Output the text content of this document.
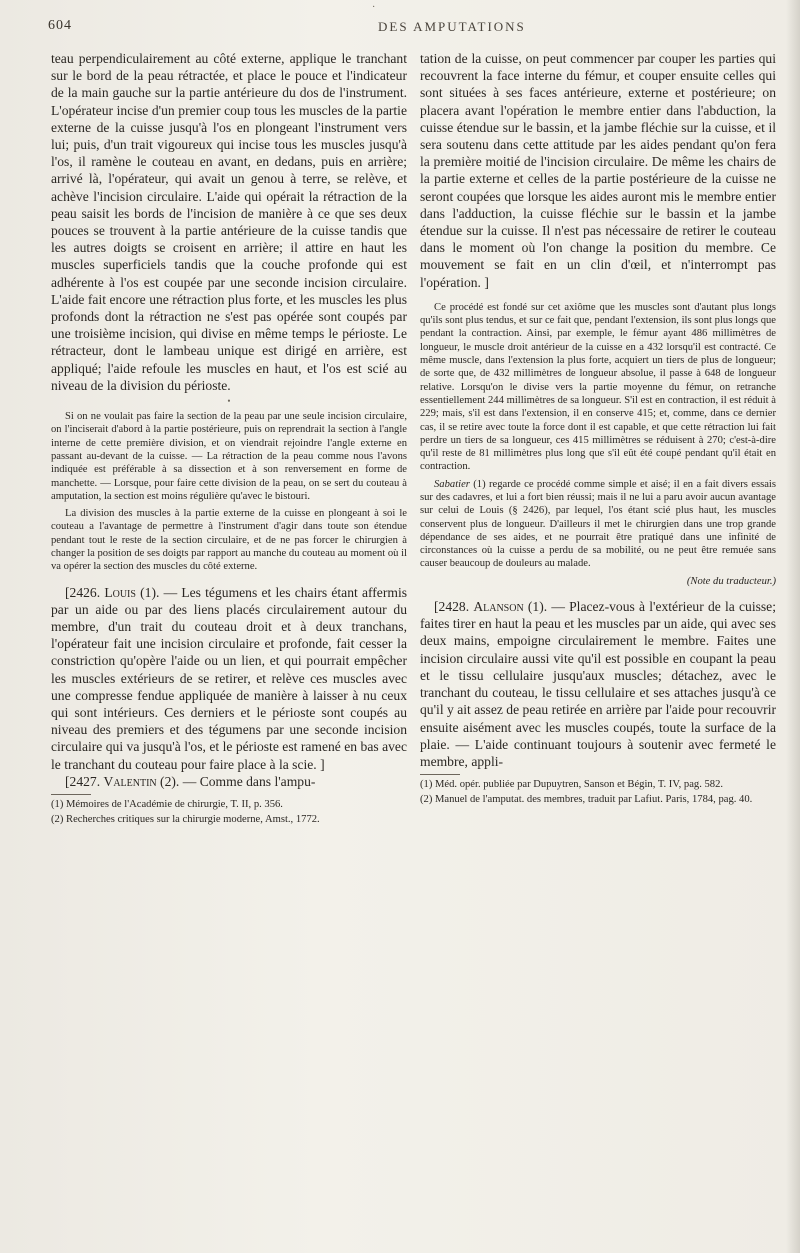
·
604	DES AMPUTATIONS

teau perpendiculairement au côté externe, applique le tranchant sur le bord de la peau rétractée, et place le pouce et l'indicateur de la main gauche sur la partie antérieure du dos de l'instrument. L'opérateur incise d'un premier coup tous les muscles de la partie externe de la cuisse jusqu'à l'os en plongeant l'instrument vers lui; puis, d'un trait vigoureux qui incise tous les muscles jusqu'à l'os, il ramène le couteau en avant, en dedans, puis en arrière; arrivé là, l'opérateur, qui avait un genou à terre, se relève, et achève l'incision circulaire. L'aide qui opérait la rétraction de la peau saisit les bords de l'incision de manière à ce que ses deux pouces se trouvent à la partie antérieure de la cuisse tandis que les autres doigts se croisent en arrière; il attire en haut les muscles superficiels tandis que la couche profonde qui est adhérente à l'os est coupée par une seconde incision circulaire. L'aide fait encore une rétraction plus forte, et les muscles les plus profonds dont la rétraction ne s'est pas opérée sont coupés par une troisième incision, qui divise en même temps le périoste. Le rétracteur, dont le lambeau unique est dirigé en arrière, est appliqué; l'aide refoule les muscles en haut, et l'os est scié au niveau de la division du périoste.

•

Si on ne voulait pas faire la section de la peau par une seule incision circulaire, on l'inciserait d'abord à la partie postérieure, puis on reprendrait la section à l'angle interne de cette première division, et on viendrait rejoindre l'angle externe en passant au-devant de la cuisse. — La rétraction de la peau comme nous l'avons indiquée est préférable à sa dissection et à son renversement en forme de manchette. — Lorsque, pour faire cette division de la peau, on se sert du couteau à amputation, la section est moins régulière qu'avec le bistouri.

La division des muscles à la partie externe de la cuisse en plongeant à soi le couteau a l'avantage de permettre à l'instrument d'agir dans toute son étendue pendant tout le reste de la section circulaire, et de ne pas forcer le chirurgien à changer la position de ses doigts par rapport au manche du couteau au moment où il va opérer la section des muscles du côté externe.

[2426. Louis (1). — Les tégumens et les chairs étant affermis par un aide ou par des liens placés circulairement autour du membre, d'un trait du couteau droit et à deux tranchans, l'opérateur fait une incision circulaire et profonde, fait cesser la constriction qu'opère l'aide ou un lien, et qui pourrait empêcher les muscles extérieurs de se retirer, et relève ces muscles avec une compresse fendue appliquée de manière à laisser à nu ceux qui sont intérieurs. Ces derniers et le périoste sont coupés au niveau des premiers et des tégumens par une seconde incision circulaire qui va jusqu'à l'os, et le périoste est ramené en bas avec le tranchant du couteau pour faire place à la scie. ]

[2427. Valentin (2). — Comme dans l'ampu-

(1) Mémoires de l'Académie de chirurgie, T. II, p. 356.

(2) Recherches critiques sur la chirurgie moderne, Amst., 1772.

tation de la cuisse, on peut commencer par couper les parties qui recouvrent la face interne du fémur, et couper ensuite celles qui sont situées à ses faces antérieure, externe et postérieure; on placera avant l'opération le membre entier dans l'abduction, la cuisse étendue sur le bassin, et la jambe fléchie sur la cuisse, et il sera soutenu dans cette attitude par les aides pendant qu'on fera la première moitié de l'incision circulaire. De même les chairs de la partie externe et celles de la partie postérieure de la cuisse ne seront coupées que lorsque les aides auront mis le membre entier dans l'adduction, la cuisse fléchie sur le bassin et la jambe étendue sur la cuisse. Il n'est pas nécessaire de retirer le couteau dans le moment où l'on change la position du membre. Ce mouvement se fait en un clin d'œil, et n'interrompt pas l'opération. ]

Ce procédé est fondé sur cet axiôme que les muscles sont d'autant plus longs qu'ils sont plus tendus, et sur ce fait que, pendant l'extension, ils sont plus longs que pendant la contraction. Ainsi, par exemple, le fémur ayant 486 millimètres de longueur, le muscle droit antérieur de la cuisse en a 432 lorsqu'il est contracté. Ce même muscle, dans l'extension la plus forte, acquiert un tiers de plus de longueur; de sorte que, de 432 millimètres de longueur absolue, il passe à 648 de longueur relative. Lorsqu'on le divise vers la partie moyenne du fémur, on retranche essentiellement 244 millimètres de sa longueur. S'il est en contraction, il est réduit à 229; mais, s'il est dans l'extension, il en conserve 415; et, comme, dans ce dernier cas, il se retire avec toute la force dont il est capable, et que cette rétraction lui fait perdre un tiers de sa longueur, ces 415 millimètres se réduisent à 270; c'est-à-dire qu'il reste de 81 millimètres plus long que s'il eût été coupé pendant qu'il était en contraction.

Sabatier (1) regarde ce procédé comme simple et aisé; il en a fait divers essais sur des cadavres, et lui a fort bien réussi; mais il ne lui a paru avoir aucun avantage sur celui de Louis (§ 2426), par lequel, l'os étant scié plus haut, les muscles conservent plus de longueur. D'ailleurs il met le chirurgien dans une trop grande dépendance de ses aides, et ne pourrait être pratiqué dans une infinité de circonstances où la cuisse a perdu de sa mobilité, ou ne peut être remuée sans causer beaucoup de douleurs au malade.

(Note du traducteur.)

[2428. Alanson (1). — Placez-vous à l'extérieur de la cuisse; faites tirer en haut la peau et les muscles par un aide, qui avec ses deux mains, empoigne circulairement le membre. Faites une incision circulaire aussi vite qu'il est possible en coupant la peau et le tissu cellulaire jusqu'aux muscles; détachez, avec le tranchant du couteau, le tissu cellulaire et ses attaches jusqu'à ce qu'il y ait assez de peau retirée en arrière par l'aide pour recouvrir ensuite aisément avec les muscles coupés, toute la surface de la plaie. — L'aide continuant toujours à soutenir avec fermeté le membre, appli-

(1) Méd. opér. publiée par Dupuytren, Sanson et Bégin, T. IV, pag. 582.

(2) Manuel de l'amputat. des membres, traduit par Lafiut. Paris, 1784, pag. 40.
